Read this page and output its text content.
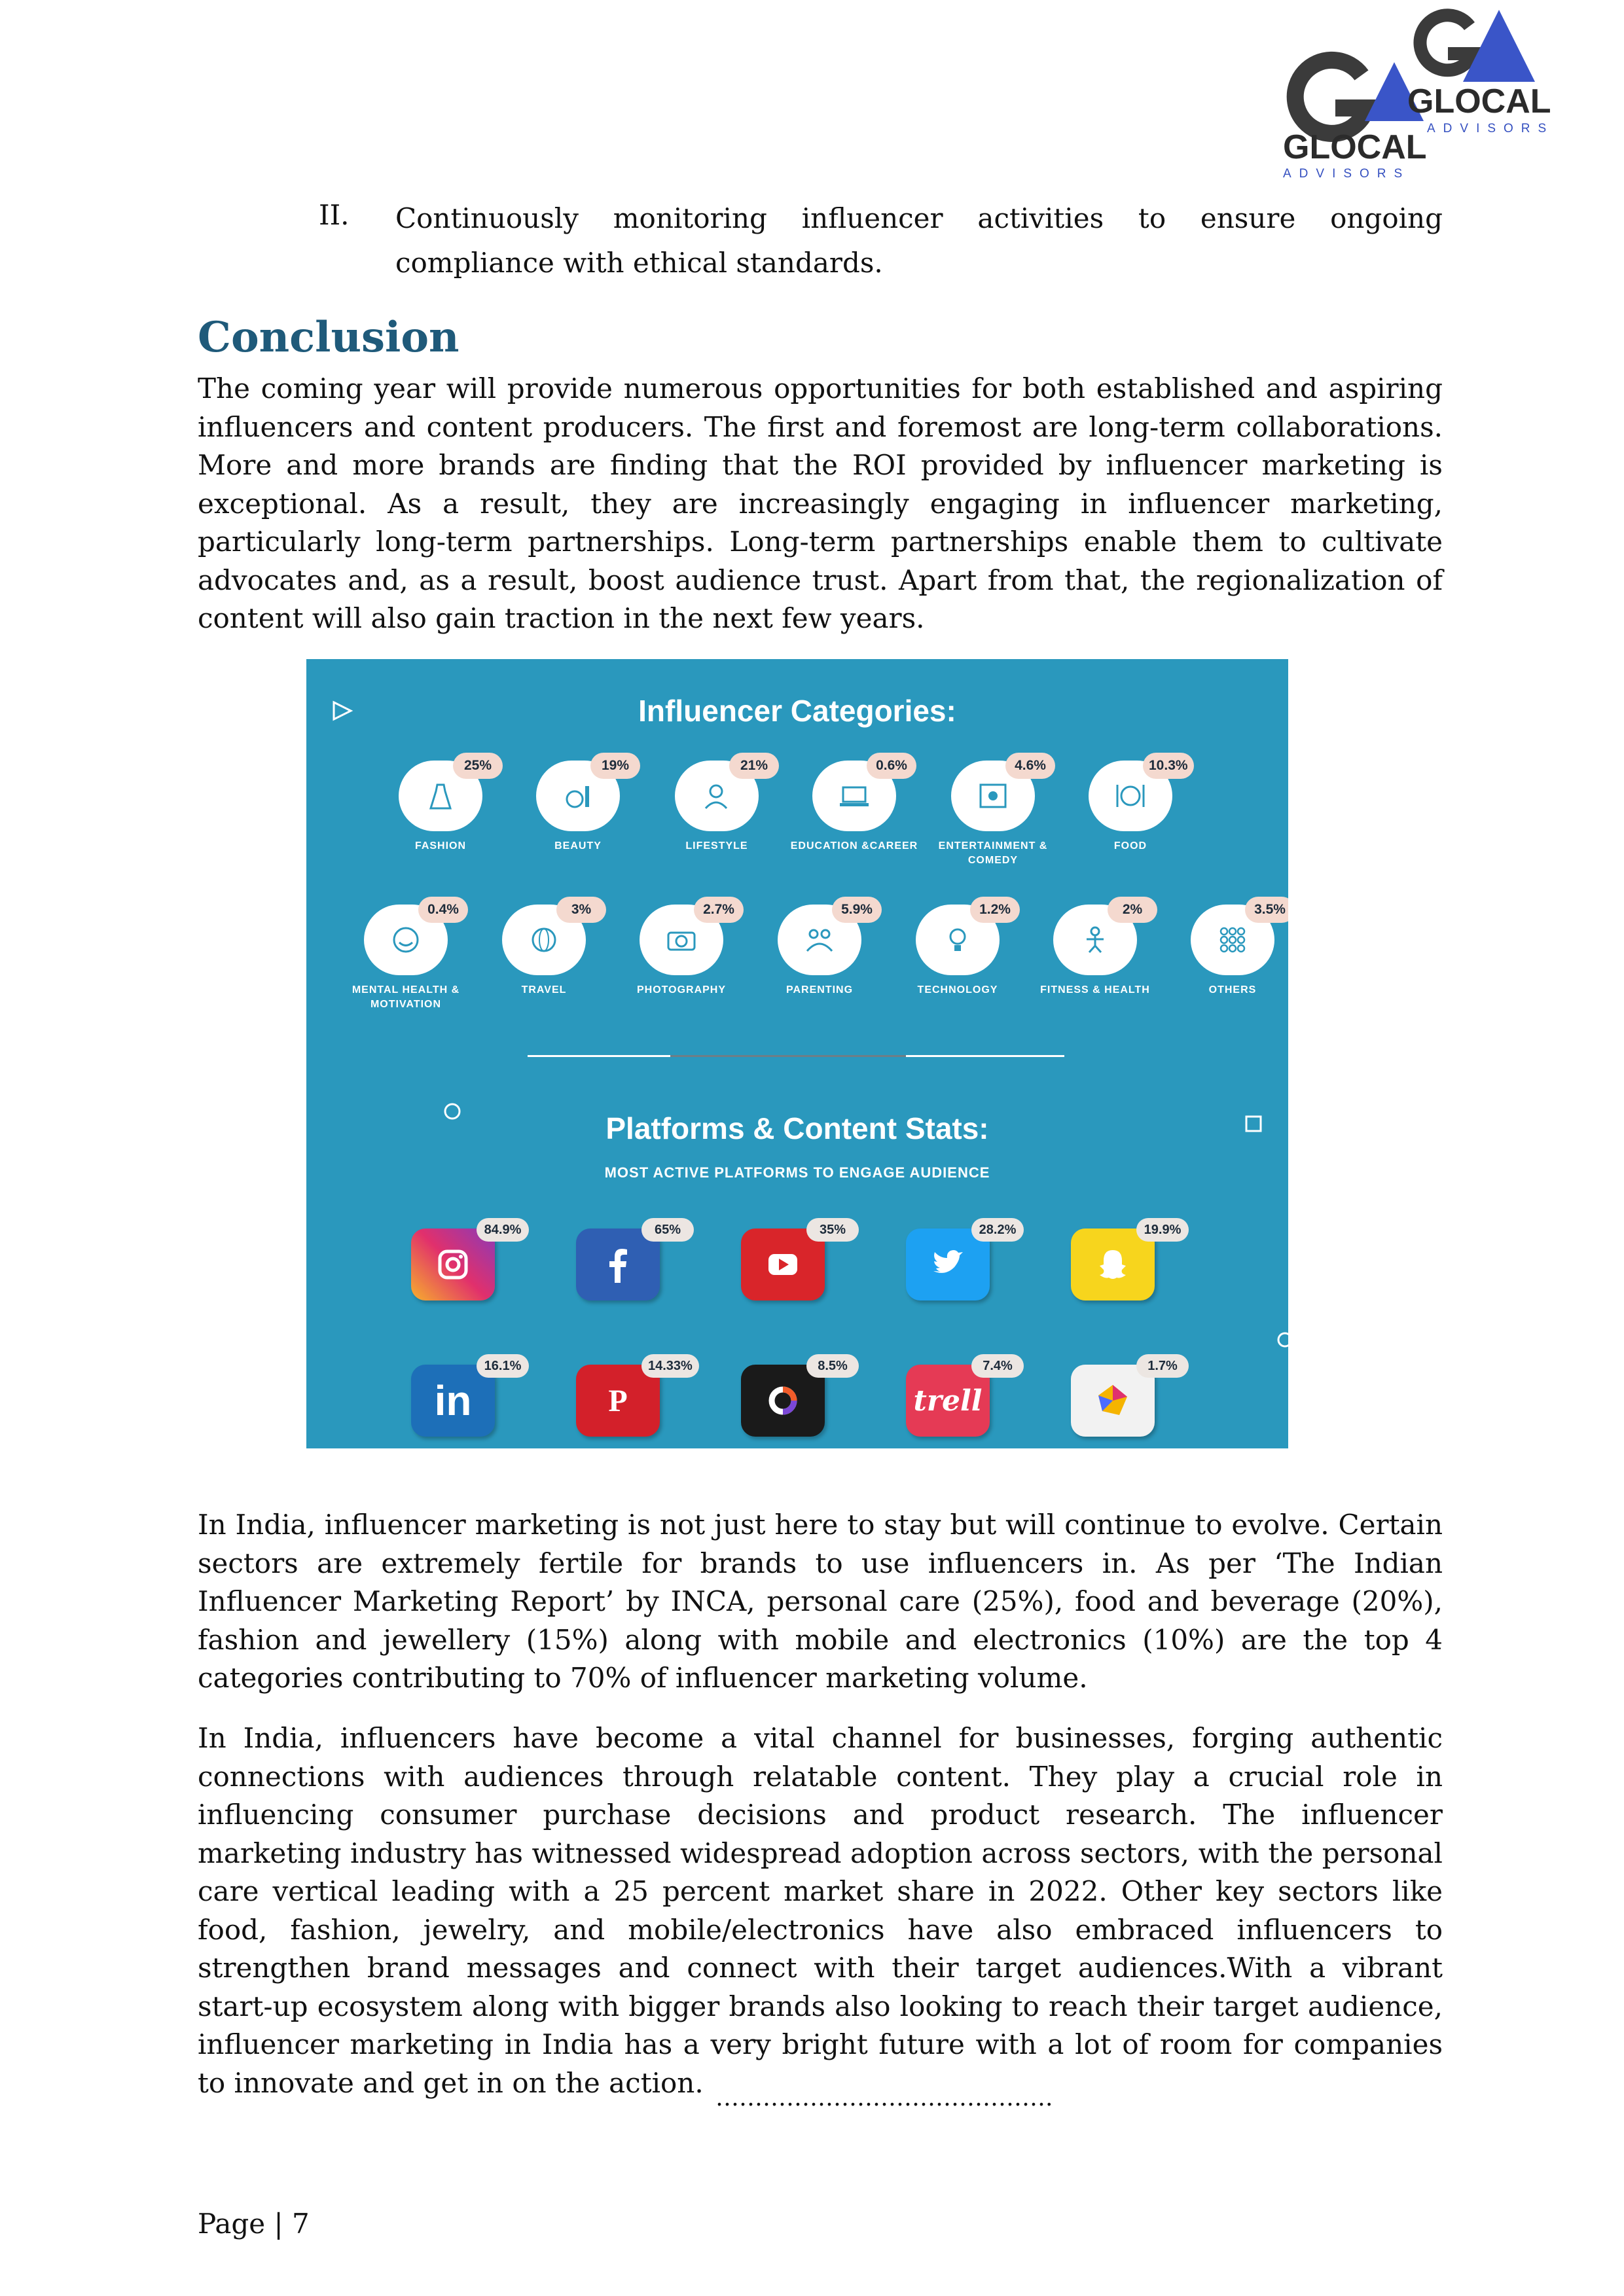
GLOCAL
ADVISORS
GLOCAL
ADVISORS
II. Continuously monitoring influencer activities to ensure ongoing compliance with ethical standards.
Conclusion
The coming year will provide numerous opportunities for both established and aspiring influencers and content producers. The first and foremost are long-term collaborations. More and more brands are finding that the ROI provided by influencer marketing is exceptional. As a result, they are increasingly engaging in influencer marketing, particularly long-term partnerships. Long-term partnerships enable them to cultivate advocates and, as a result, boost audience trust. Apart from that, the regionalization of content will also gain traction in the next few years.
Influencer Categories:
25%
FASHION
19%
BEAUTY
21%
LIFESTYLE
0.6%
EDUCATION &CAREER
4.6%
ENTERTAINMENT & COMEDY
10.3%
FOOD
0.4%
MENTAL HEALTH & MOTIVATION
3%
TRAVEL
2.7%
PHOTOGRAPHY
5.9%
PARENTING
1.2%
TECHNOLOGY
2%
FITNESS & HEALTH
3.5%
OTHERS
Platforms & Content Stats:
MOST ACTIVE PLATFORMS TO ENGAGE AUDIENCE
84.9%	65%	35%	28.2%	19.9%
in
16.1%
P
14.33%	8.5%
trell
7.4%	1.7%
In India, influencer marketing is not just here to stay but will continue to evolve. Certain sectors are extremely fertile for brands to use influencers in. As per ‘The Indian Influencer Marketing Report’ by INCA, personal care (25%), food and beverage (20%), fashion and jewellery (15%) along with mobile and electronics (10%) are the top 4 categories contributing to 70% of influencer marketing volume.
In India, influencers have become a vital channel for businesses, forging authentic connections with audiences through relatable content. They play a crucial role in influencing consumer purchase decisions and product research. The influencer marketing industry has witnessed widespread adoption across sectors, with the personal care vertical leading with a 25 percent market share in 2022. Other key sectors like food, fashion, jewelry, and mobile/electronics have also embraced influencers to strengthen brand messages and connect with their target audiences.With a vibrant start-up ecosystem along with bigger brands also looking to reach their target audience, influencer marketing in India has a very bright future with a lot of room for companies to innovate and get in on the action. …………………………………….
Page | 7
